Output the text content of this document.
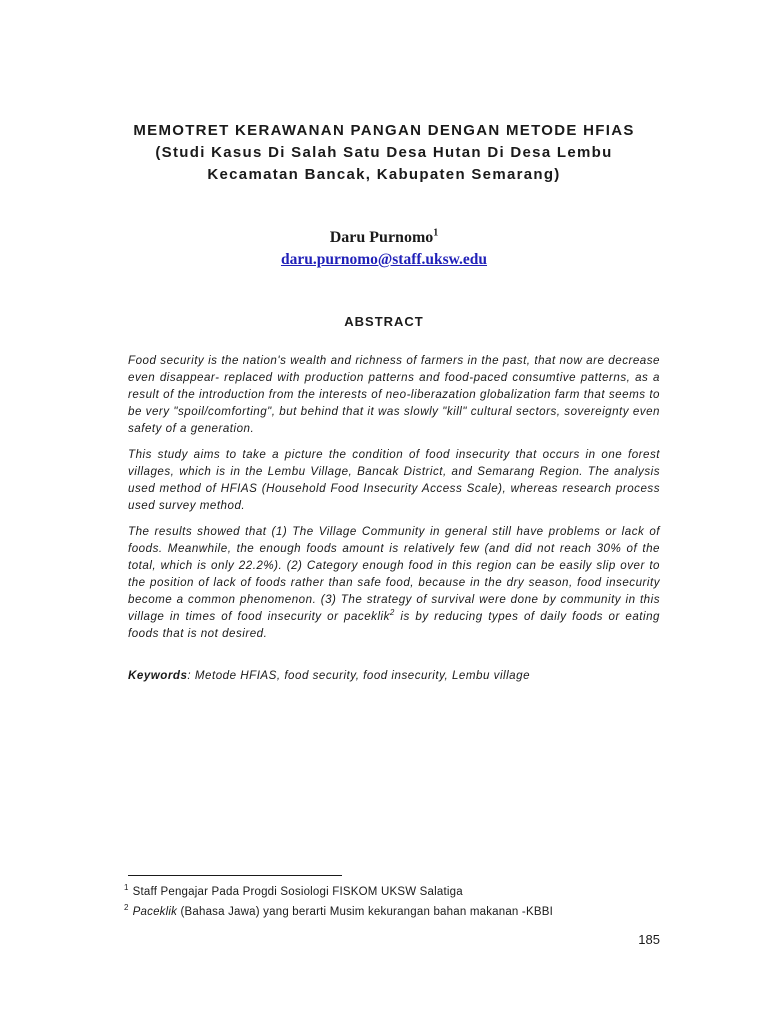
MEMOTRET KERAWANAN PANGAN DENGAN METODE HFIAS
(Studi Kasus Di Salah Satu Desa Hutan Di Desa Lembu
Kecamatan Bancak, Kabupaten Semarang)
Daru Purnomo$^1$
daru.purnomo@staff.uksw.edu
ABSTRACT

Food security is the nation's wealth and richness of farmers in the past, that now are decrease even disappear- replaced with production patterns and food-paced consumtive patterns, as a result of the introduction from the interests of neo-liberazation globalization farm that seems to be very "spoil/comforting", but behind that it was slowly "kill" cultural sectors, sovereignty even safety of a generation.

This study aims to take a picture the condition of food insecurity that occurs in one forest villages, which is in the Lembu Village, Bancak District, and Semarang Region. The analysis used method of HFIAS (Household Food Insecurity Access Scale), whereas research process used survey method.

The results showed that (1) The Village Community in general still have problems or lack of foods. Meanwhile, the enough foods amount is relatively few (and did not reach 30% of the total, which is only 22.2%). (2) Category enough food in this region can be easily slip over to the position of lack of foods rather than safe food, because in the dry season, food insecurity become a common phenomenon. (3) The strategy of survival were done by community in this village in times of food insecurity or paceklik$^2$ is by reducing types of daily foods or eating foods that is not desired.

Keywords: Metode HFIAS, food security, food insecurity, Lembu village
$^1$ Staff Pengajar Pada Progdi Sosiologi FISKOM UKSW Salatiga
$^2$ Paceklik (Bahasa Jawa) yang berarti Musim kekurangan bahan makanan -KBBI
185
